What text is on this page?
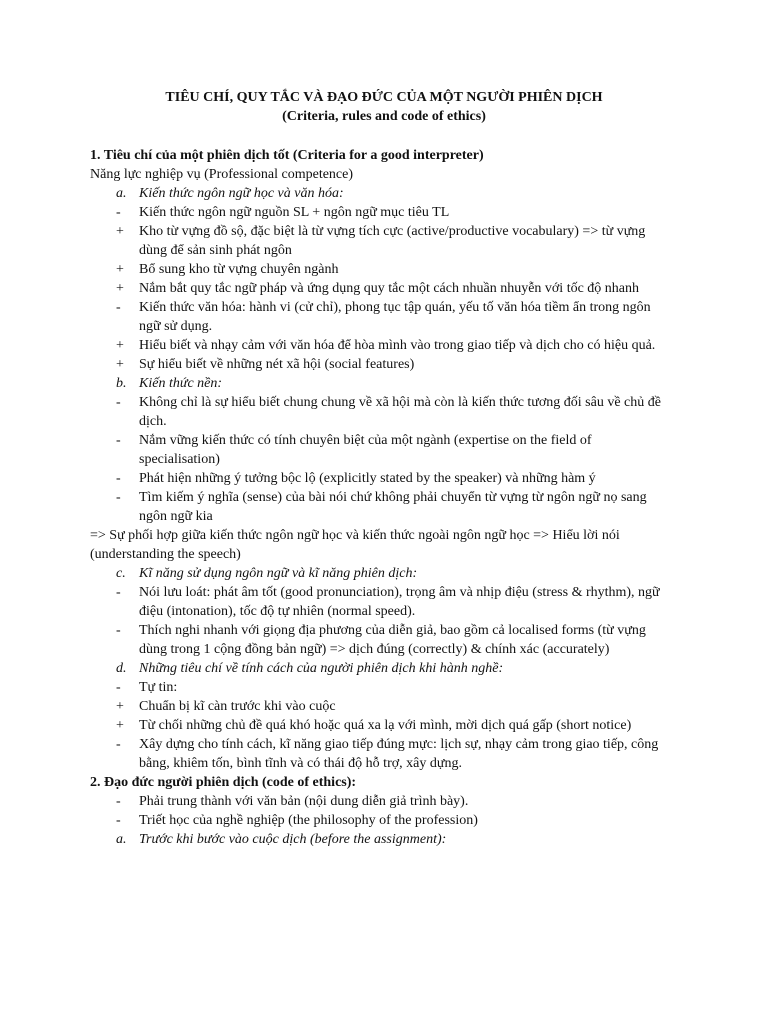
TIÊU CHÍ, QUY TẮC VÀ ĐẠO ĐỨC CỦA MỘT NGƯỜI PHIÊN DỊCH
(Criteria, rules and code of ethics)
1. Tiêu chí của một phiên dịch tốt (Criteria for a good interpreter)
Năng lực nghiệp vụ (Professional competence)
a. Kiến thức ngôn ngữ học và văn hóa:
-	Kiến thức ngôn ngữ nguồn SL + ngôn ngữ mục tiêu TL
+	Kho từ vựng đồ sộ, đặc biệt là từ vựng tích cực (active/productive vocabulary) => từ vựng dùng để sản sinh phát ngôn
+	Bổ sung kho từ vựng chuyên ngành
+	Nắm bắt quy tắc ngữ pháp và ứng dụng quy tắc một cách nhuần nhuyễn với tốc độ nhanh
-	Kiến thức văn hóa: hành vi (cử chỉ), phong tục tập quán, yếu tố văn hóa tiềm ẩn trong ngôn ngữ sử dụng.
+	Hiểu biết và nhạy cảm với văn hóa để hòa mình vào trong giao tiếp và dịch cho có hiệu quả.
+	Sự hiểu biết về những nét xã hội (social features)
b. Kiến thức nền:
-	Không chỉ là sự hiểu biết chung chung về xã hội mà còn là kiến thức tương đối sâu về chủ đề dịch.
-	Nắm vững kiến thức có tính chuyên biệt của một ngành (expertise on the field of specialisation)
-	Phát hiện những ý tưởng bộc lộ (explicitly stated by the speaker) và những hàm ý
-	Tìm kiếm ý nghĩa (sense) của bài nói chứ không phải chuyển từ vựng từ ngôn ngữ nọ sang ngôn ngữ kia
=> Sự phối hợp giữa kiến thức ngôn ngữ học và kiến thức ngoài ngôn ngữ học => Hiểu lời nói (understanding the speech)
c. Kĩ năng sử dụng ngôn ngữ và kĩ năng phiên dịch:
-	Nói lưu loát: phát âm tốt (good pronunciation), trọng âm và nhịp điệu (stress & rhythm), ngữ điệu (intonation), tốc độ tự nhiên (normal speed).
-	Thích nghi nhanh với giọng địa phương của diễn giả, bao gồm cả localised forms (từ vựng dùng trong 1 cộng đồng bản ngữ) => dịch đúng (correctly) & chính xác (accurately)
d. Những tiêu chí về tính cách của người phiên dịch khi hành nghề:
-	Tự tin:
+	Chuẩn bị kĩ càn trước khi vào cuộc
+	Từ chối những chủ đề quá khó hoặc quá xa lạ với mình, mời dịch quá gấp (short notice)
-	Xây dựng cho tính cách, kĩ năng giao tiếp đúng mực: lịch sự, nhạy cảm trong giao tiếp, công bằng, khiêm tốn, bình tĩnh và có thái độ hỗ trợ, xây dựng.
2. Đạo đức người phiên dịch (code of ethics):
-	Phải trung thành với văn bản (nội dung diễn giả trình bày).
-	Triết học của nghề nghiệp (the philosophy of the profession)
a. Trước khi bước vào cuộc dịch (before the assignment):
